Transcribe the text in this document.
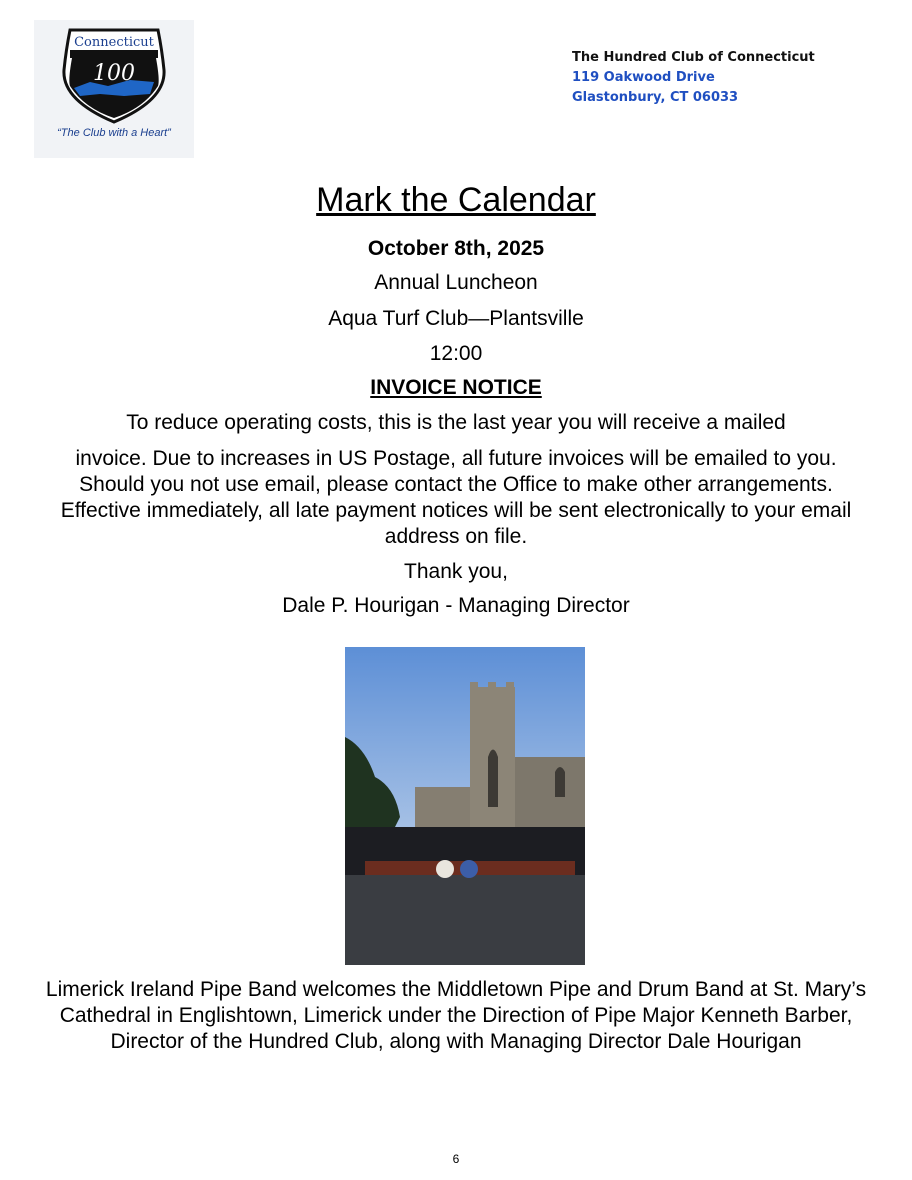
Connecticut
100
“The Club with a Heart”
The Hundred Club of Connecticut
119 Oakwood Drive
Glastonbury, CT 06033
Mark the Calendar
October 8th, 2025
Annual Luncheon
Aqua Turf Club—Plantsville
12:00
INVOICE NOTICE
To reduce operating costs, this is the last year you will receive a mailed
invoice. Due to increases in US Postage, all future invoices will be emailed to you. Should you not use email, please contact the Office to make other arrangements. Effective immediately, all late payment notices will be sent electronically to your email address on file.
Thank you,
Dale P. Hourigan - Managing Director
Limerick Ireland Pipe Band welcomes the Middletown Pipe and Drum Band at St. Mary’s Cathedral in Englishtown, Limerick under the Direction of Pipe Major Kenneth Barber, Director of the Hundred Club, along with Managing Director Dale Hourigan
6
